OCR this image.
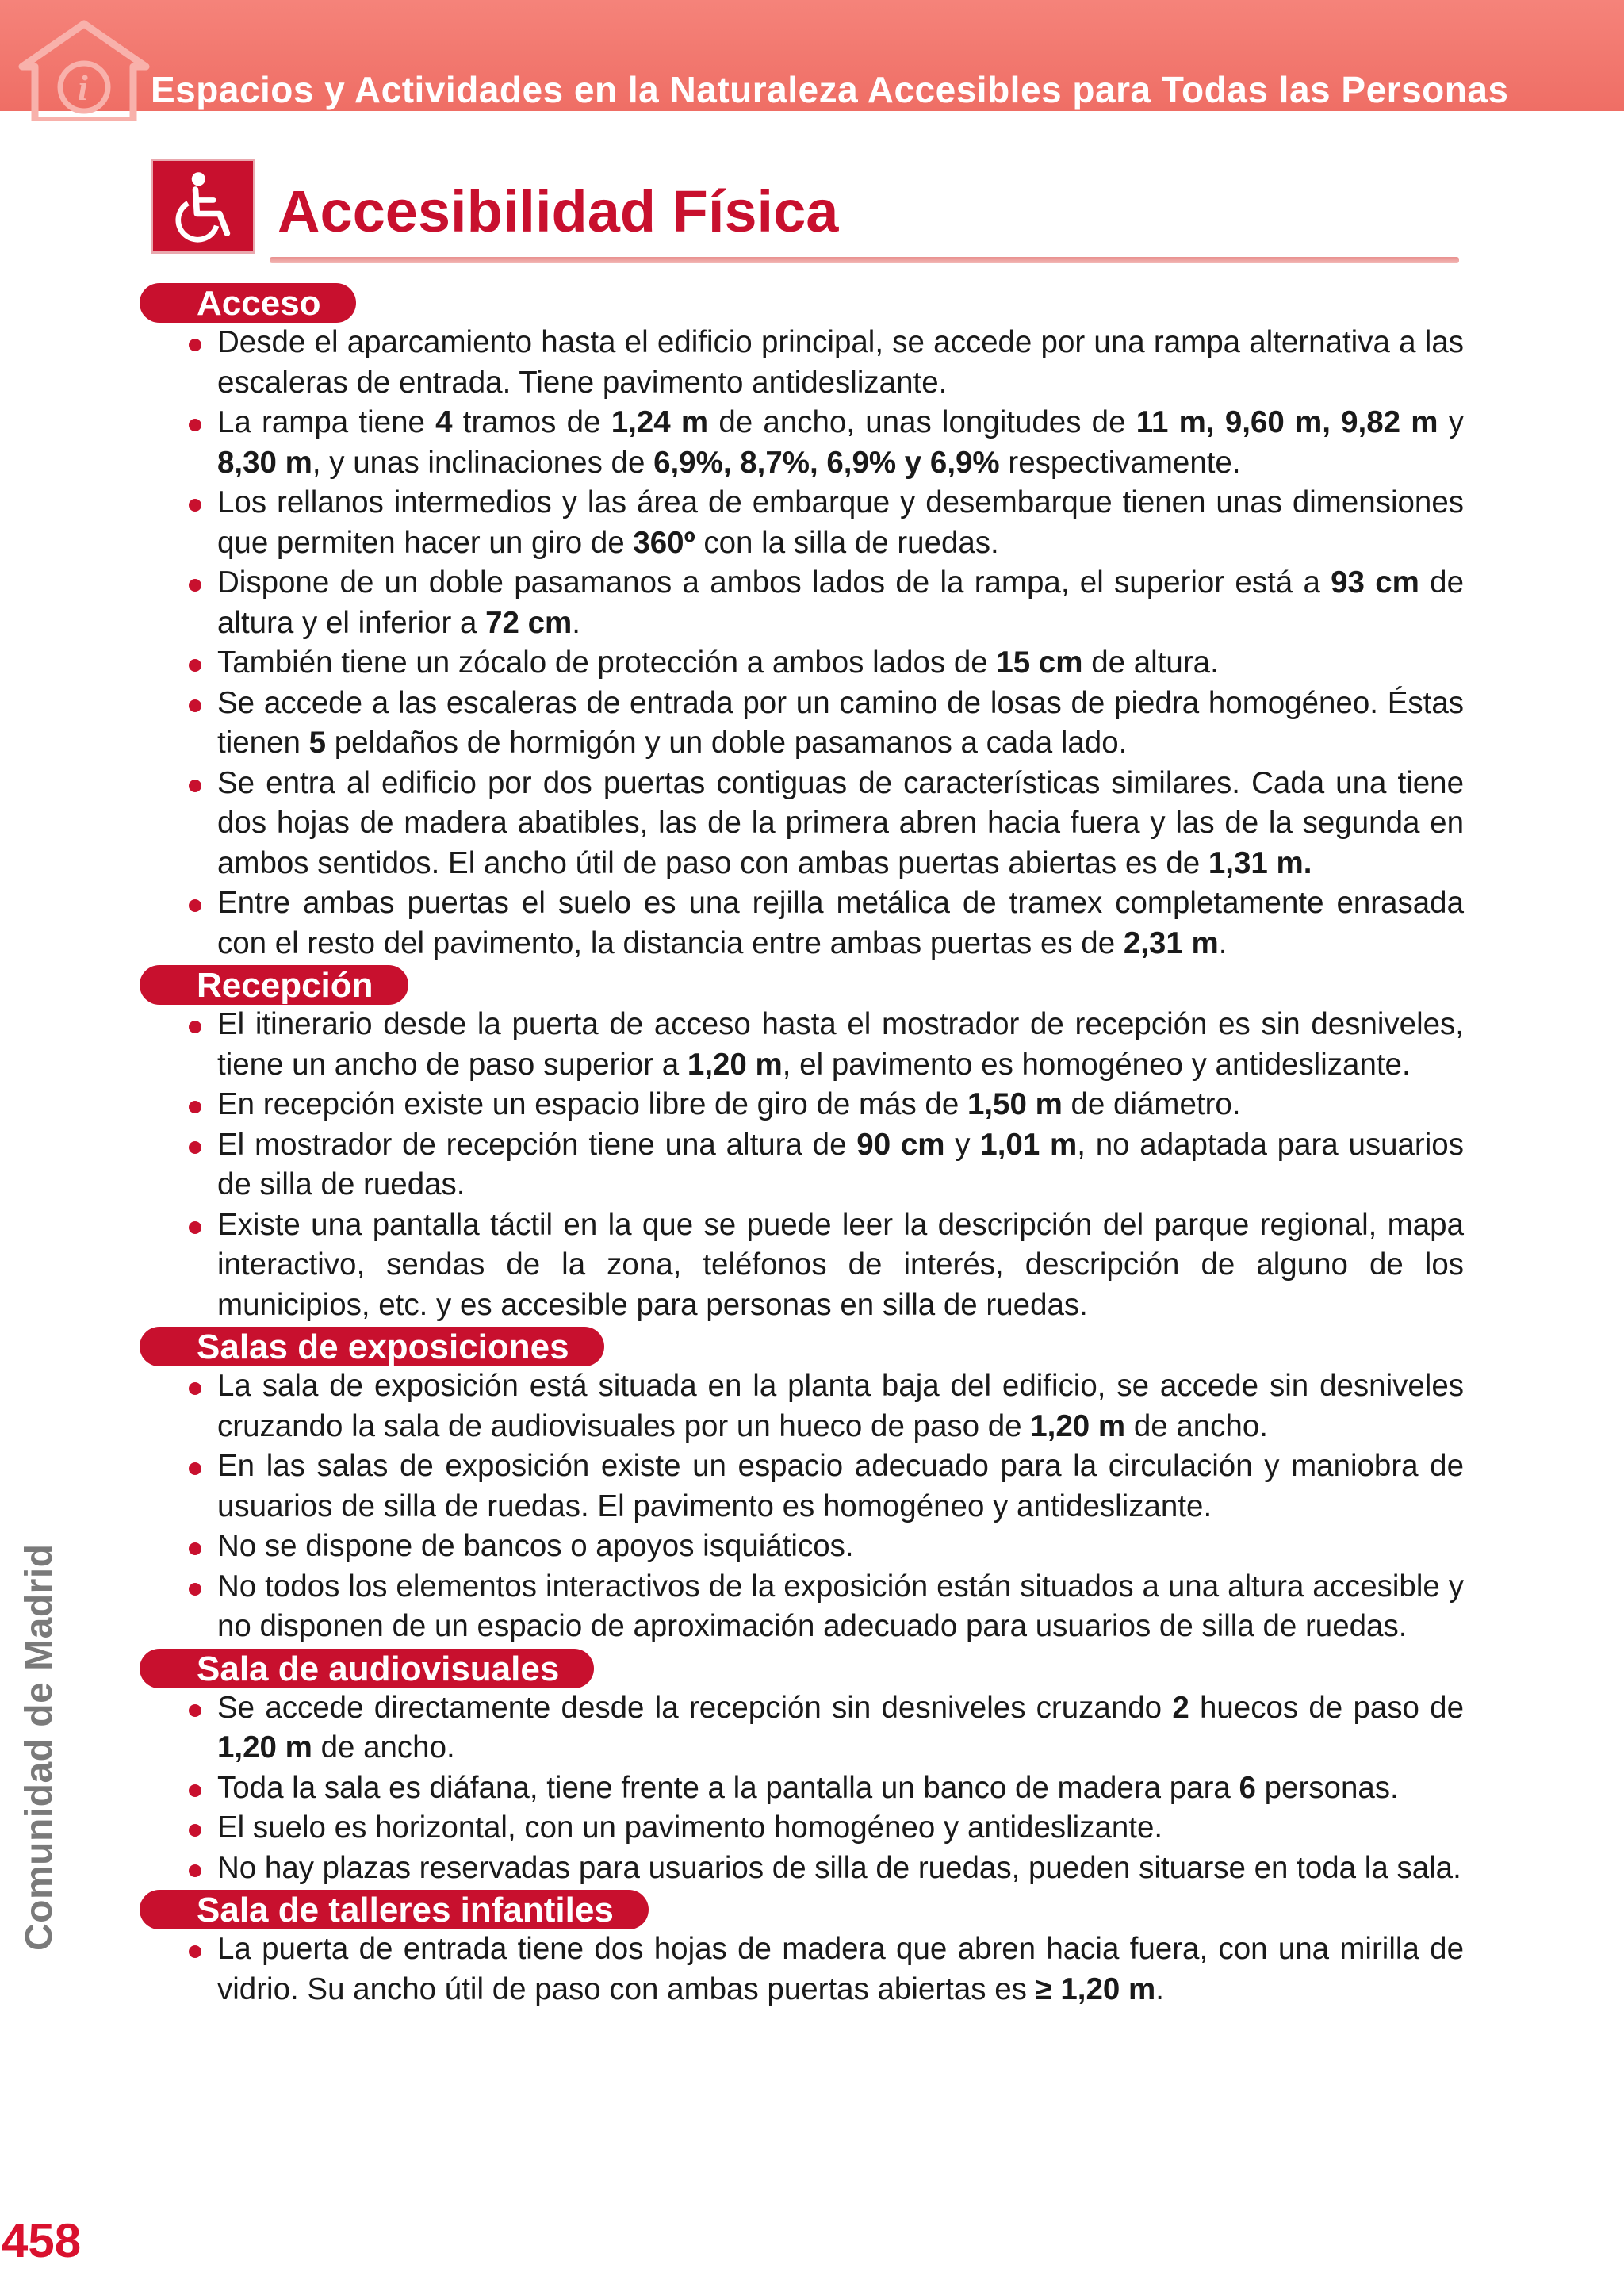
i Espacios y Actividades en la Naturaleza Accesibles para Todas las Personas
Accesibilidad Física
Acceso
Desde el aparcamiento hasta el edificio principal, se accede por una rampa alternativa a las escaleras de entrada. Tiene pavimento antideslizante.
La rampa tiene 4 tramos de 1,24 m de ancho, unas longitudes de 11 m, 9,60 m, 9,82 m y 8,30 m, y unas inclinaciones de 6,9%, 8,7%, 6,9% y 6,9% respectivamente.
Los rellanos intermedios y las área de embarque y desembarque tienen unas dimensiones que permiten hacer un giro de 360º con la silla de ruedas.
Dispone de un doble pasamanos a ambos lados de la rampa, el superior está a 93 cm de altura y el inferior a 72 cm.
También tiene un zócalo de protección a ambos lados de 15 cm de altura.
Se accede a las escaleras de entrada por un camino de losas de piedra homogéneo. Éstas tienen 5 peldaños de hormigón y un doble pasamanos a cada lado.
Se entra al edificio por dos puertas contiguas de características similares. Cada una tiene dos hojas de madera abatibles, las de la primera abren hacia fuera y las de la segunda en ambos sentidos. El ancho útil de paso con ambas puertas abiertas es de 1,31 m.
Entre ambas puertas el suelo es una rejilla metálica de tramex completamente enrasada con el resto del pavimento, la distancia entre ambas puertas es de 2,31 m.
Recepción
El itinerario desde la puerta de acceso hasta el mostrador de recepción es sin desniveles, tiene un ancho de paso superior a 1,20 m, el pavimento es homogéneo y antideslizante.
En recepción existe un espacio libre de giro de más de 1,50 m de diámetro.
El mostrador de recepción tiene una altura de 90 cm y 1,01 m, no adaptada para usuarios de silla de ruedas.
Existe una pantalla táctil en la que se puede leer la descripción del parque regional, mapa interactivo, sendas de la zona, teléfonos de interés, descripción de alguno de los municipios, etc. y es accesible para personas en silla de ruedas.
Salas de exposiciones
La sala de exposición está situada en la planta baja del edificio, se accede sin desniveles cruzando la sala de audiovisuales por un hueco de paso de 1,20 m de ancho.
En las salas de exposición existe un espacio adecuado para la circulación y maniobra de usuarios de silla de ruedas. El pavimento es homogéneo y antideslizante.
No se dispone de bancos o apoyos isquiáticos.
No todos los elementos interactivos de la exposición están situados a una altura accesible y no disponen de un espacio de aproximación adecuado para usuarios de silla de ruedas.
Sala de audiovisuales
Se accede directamente desde la recepción sin desniveles cruzando 2 huecos de paso de 1,20 m de ancho.
Toda la sala es diáfana, tiene frente a la pantalla un banco de madera para 6 personas.
El suelo es horizontal, con un pavimento homogéneo y antideslizante.
No hay plazas reservadas para usuarios de silla de ruedas, pueden situarse en toda la sala.
Sala de talleres infantiles
La puerta de entrada tiene dos hojas de madera que abren hacia fuera, con una mirilla de vidrio. Su ancho útil de paso con ambas puertas abiertas es ≥ 1,20 m.
Comunidad de Madrid
458
